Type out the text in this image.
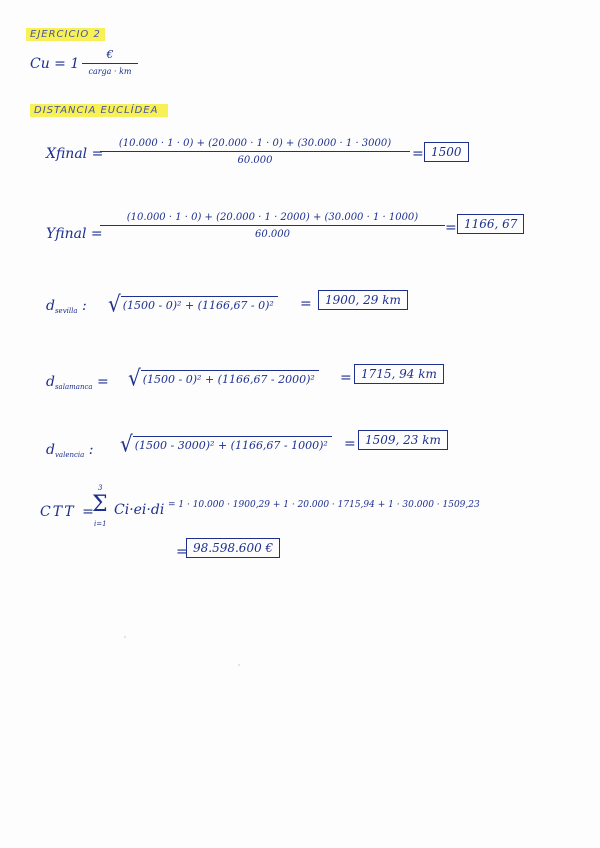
EJERCICIO 2
Cu = 1
€
carga · km
DISTANCIA EUCLÍDEA
Xfinal =
$\frac{(10.000 \cdot 1 \cdot 0) + (20.000 \cdot 1 \cdot 0) + (30.000 \cdot 1 \cdot 3000)}{60.000} = 1500$
Yfinal =
$\frac{(10.000 \cdot 1 \cdot 0) + (20.000 \cdot 1 \cdot 2000) + (30.000 \cdot 1 \cdot 1000)}{60.000} = 1166$, 67
$d_{sevilla}$ : √ (1500 - 0)² + (1166,67 - 0)² =	1900, 29 km
$d_{salamanca}$ = √ (1500 - 0)² + (1166,67 - 2000)² = 1715, 94 km
$d_{valencia}$ : √ (1500 - 3000)² + (1166,67 - 1000)² = 1509, 23 km
CTT =
3
Σ
i=1
Ci·ei·di = 1 · 10.000 · 1900,29 + 1 · 20.000 · 1715,94 + 1 · 30.000 · 1509,23
= 98.598.600 €
